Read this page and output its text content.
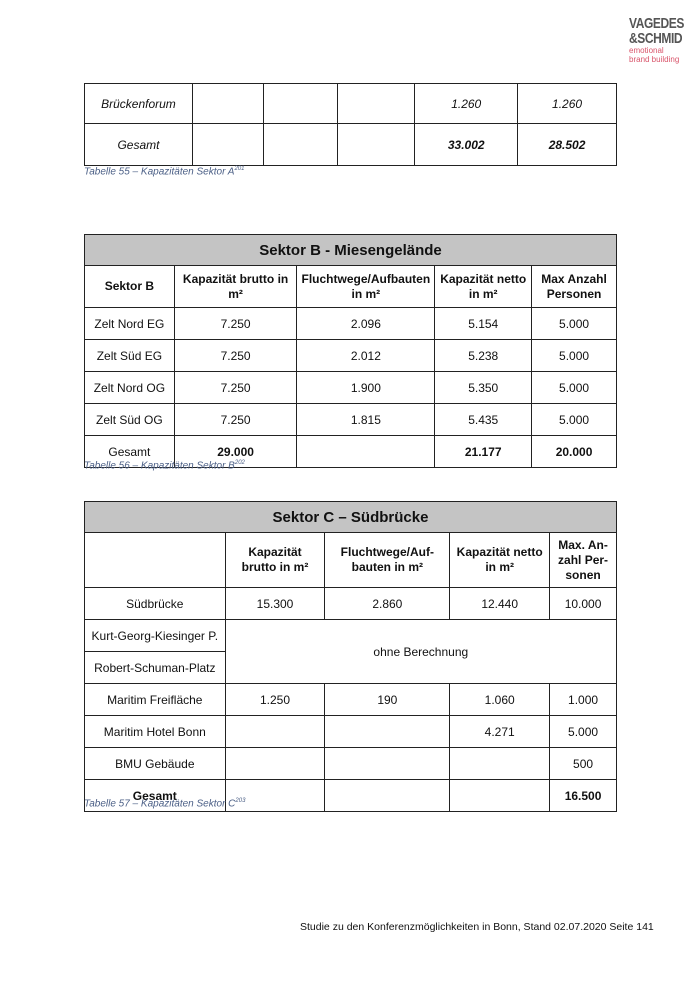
VAGEDES
&SCHMID
emotional
brand building
Brückenforum				1.260	1.260
Gesamt				33.002	28.502
Tabelle 55 – Kapazitäten Sektor $A^{201}$
Sektor B - Miesengelände				
Sektor B	Kapazität brutto in m²	Fluchtwege/Aufbauten in m²	Kapazität netto in m²	Max Anzahl Personen
Zelt Nord EG	7.250	2.096	5.154	5.000
Zelt Süd EG	7.250	2.012	5.238	5.000
Zelt Nord OG	7.250	1.900	5.350	5.000
Zelt Süd OG	7.250	1.815	5.435	5.000
Gesamt	29.000		21.177	20.000
Tabelle 56 – Kapazitäten Sektor $B^{202}$
Sektor C – Südbrücke				
	Kapazität brutto in m²	Fluchtwege/Aufbauten in m²	Kapazität netto in m²	Max. Anzahl Personen
Südbrücke	15.300	2.860	12.440	10.000
Kurt-Georg-Kiesinger P.	ohne Berechnung			
Robert-Schuman-Platz				
Maritim Freifläche	1.250	190	1.060	1.000
Maritim Hotel Bonn			4.271	5.000
BMU Gebäude				500
Gesamt				16.500
Tabelle 57 – Kapazitäten Sektor $C^{203}$
Studie zu den Konferenzmöglichkeiten in Bonn, Stand 02.07.2020 Seite 141
